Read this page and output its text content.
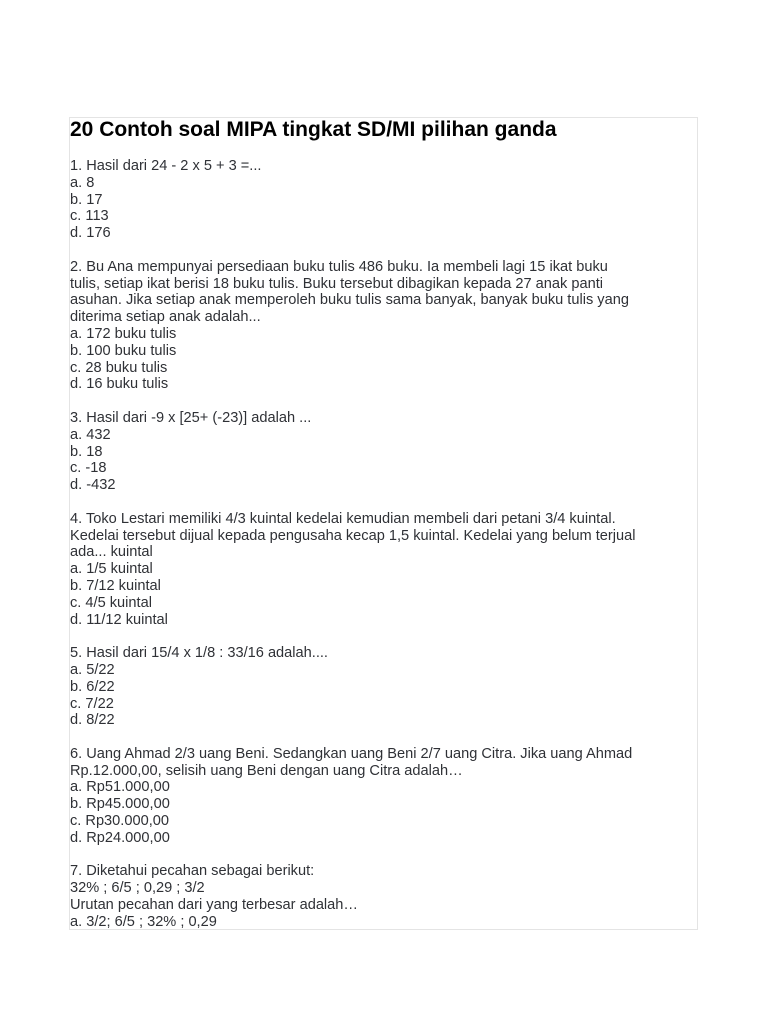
20 Contoh soal MIPA tingkat SD/MI pilihan ganda
1. Hasil dari 24 - 2 x 5 + 3 =...
a. 8
b. 17
c. 113
d. 176
2. Bu Ana mempunyai persediaan buku tulis 486 buku. Ia membeli lagi 15 ikat buku
tulis, setiap ikat berisi 18 buku tulis. Buku tersebut dibagikan kepada 27 anak panti
asuhan. Jika setiap anak memperoleh buku tulis sama banyak, banyak buku tulis yang
diterima setiap anak adalah...
a. 172 buku tulis
b. 100 buku tulis
c. 28 buku tulis
d. 16 buku tulis
3. Hasil dari -9 x [25+ (-23)] adalah ...
a. 432
b. 18
c. -18
d. -432
4. Toko Lestari memiliki 4/3 kuintal kedelai kemudian membeli dari petani 3/4 kuintal.
Kedelai tersebut dijual kepada pengusaha kecap 1,5 kuintal. Kedelai yang belum terjual
ada... kuintal
a. 1/5 kuintal
b. 7/12 kuintal
c. 4/5 kuintal
d. 11/12 kuintal
5. Hasil dari 15/4 x 1/8 : 33/16 adalah....
a. 5/22
b. 6/22
c. 7/22
d. 8/22
6. Uang Ahmad 2/3 uang Beni. Sedangkan uang Beni 2/7 uang Citra. Jika uang Ahmad
Rp.12.000,00, selisih uang Beni dengan uang Citra adalah…
a. Rp51.000,00
b. Rp45.000,00
c. Rp30.000,00
d. Rp24.000,00
7. Diketahui pecahan sebagai berikut:
32% ; 6/5 ; 0,29 ; 3/2
Urutan pecahan dari yang terbesar adalah…
a. 3/2; 6/5 ; 32% ; 0,29
